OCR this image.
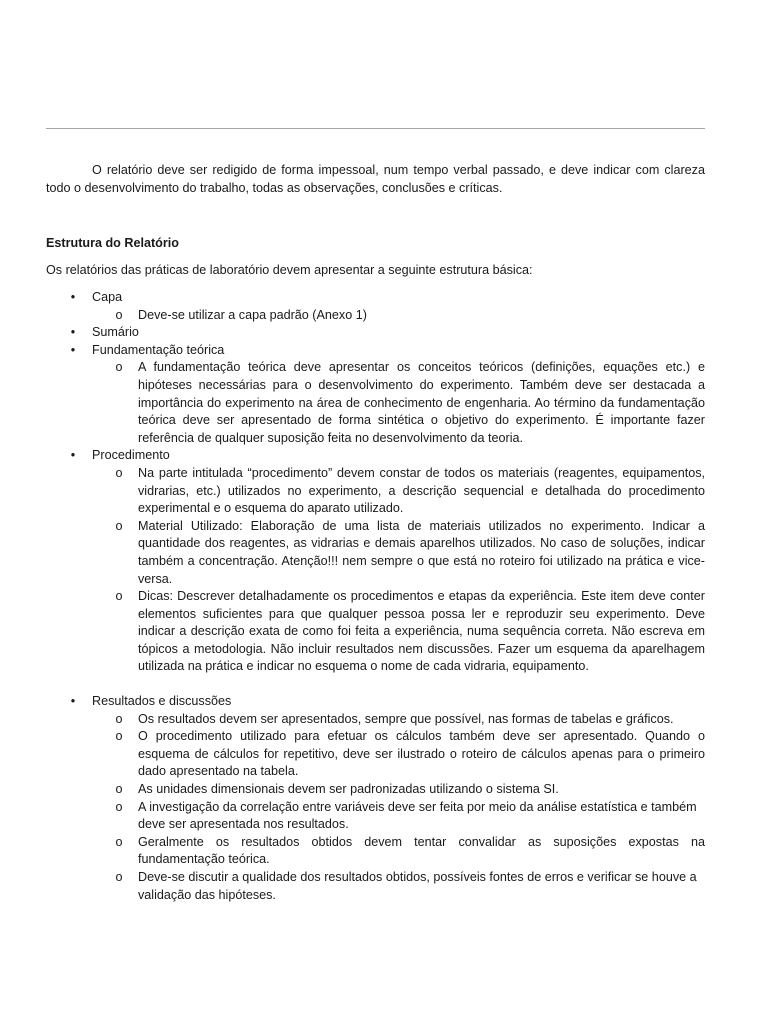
O relatório deve ser redigido de forma impessoal, num tempo verbal passado, e deve indicar com clareza todo o desenvolvimento do trabalho, todas as observações, conclusões e críticas.

Estrutura do Relatório

Os relatórios das práticas de laboratório devem apresentar a seguinte estrutura básica:

• Capa
o Deve-se utilizar a capa padrão (Anexo 1)
• Sumário
• Fundamentação teórica
o A fundamentação teórica deve apresentar os conceitos teóricos (definições, equações etc.) e hipóteses necessárias para o desenvolvimento do experimento. Também deve ser destacada a importância do experimento na área de conhecimento de engenharia. Ao término da fundamentação teórica deve ser apresentado de forma sintética o objetivo do experimento. É importante fazer referência de qualquer suposição feita no desenvolvimento da teoria.
• Procedimento
o Na parte intitulada “procedimento” devem constar de todos os materiais (reagentes, equipamentos, vidrarias, etc.) utilizados no experimento, a descrição sequencial e detalhada do procedimento experimental e o esquema do aparato utilizado.
o Material Utilizado: Elaboração de uma lista de materiais utilizados no experimento. Indicar a quantidade dos reagentes, as vidrarias e demais aparelhos utilizados. No caso de soluções, indicar também a concentração. Atenção!!! nem sempre o que está no roteiro foi utilizado na prática e vice-versa.
o Dicas: Descrever detalhadamente os procedimentos e etapas da experiência. Este item deve conter elementos suficientes para que qualquer pessoa possa ler e reproduzir seu experimento. Deve indicar a descrição exata de como foi feita a experiência, numa sequência correta. Não escreva em tópicos a metodologia. Não incluir resultados nem discussões. Fazer um esquema da aparelhagem utilizada na prática e indicar no esquema o nome de cada vidraria, equipamento.
• Resultados e discussões
o Os resultados devem ser apresentados, sempre que possível, nas formas de tabelas e gráficos.
o O procedimento utilizado para efetuar os cálculos também deve ser apresentado. Quando o esquema de cálculos for repetitivo, deve ser ilustrado o roteiro de cálculos apenas para o primeiro dado apresentado na tabela.
o As unidades dimensionais devem ser padronizadas utilizando o sistema SI.
o A investigação da correlação entre variáveis deve ser feita por meio da análise estatística e também deve ser apresentada nos resultados.
o Geralmente os resultados obtidos devem tentar convalidar as suposições expostas na fundamentação teórica.
o Deve-se discutir a qualidade dos resultados obtidos, possíveis fontes de erros e verificar se houve a validação das hipóteses.
